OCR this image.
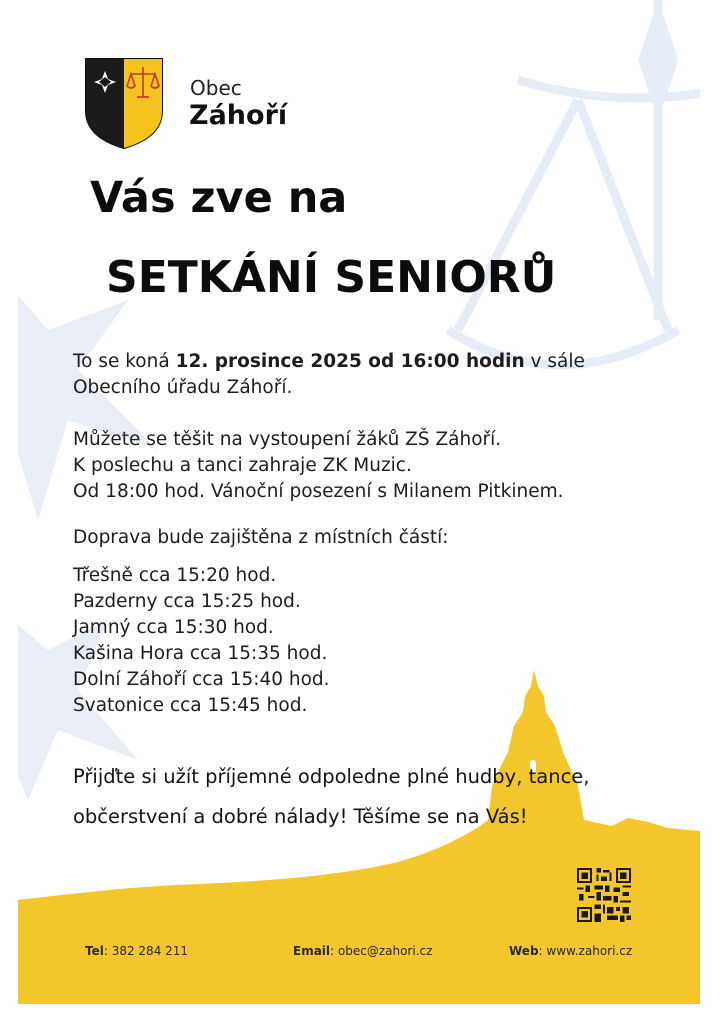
Obec
Záhoří
Vás zve na
SETKÁNÍ SENIORŮ

To se koná 12. prosince 2025 od 16:00 hodin v sále Obecního úřadu Záhoří.

Můžete se těšit na vystoupení žáků ZŠ Záhoří.
K poslechu a tanci zahraje ZK Muzic.
Od 18:00 hod. Vánoční posezení s Milanem Pitkinem.

Doprava bude zajištěna z místních částí:

Třešně cca 15:20 hod.
Pazderny cca 15:25 hod.
Jamný cca 15:30 hod.
Kašina Hora cca 15:35 hod.
Dolní Záhoří cca 15:40 hod.
Svatonice cca 15:45 hod.

Přijďte si užít příjemné odpoledne plné hudby, tance, občerstvení a dobré nálady! Těšíme se na Vás!

Tel: 382 284 211	Email: obec@zahori.cz	Web: www.zahori.cz
